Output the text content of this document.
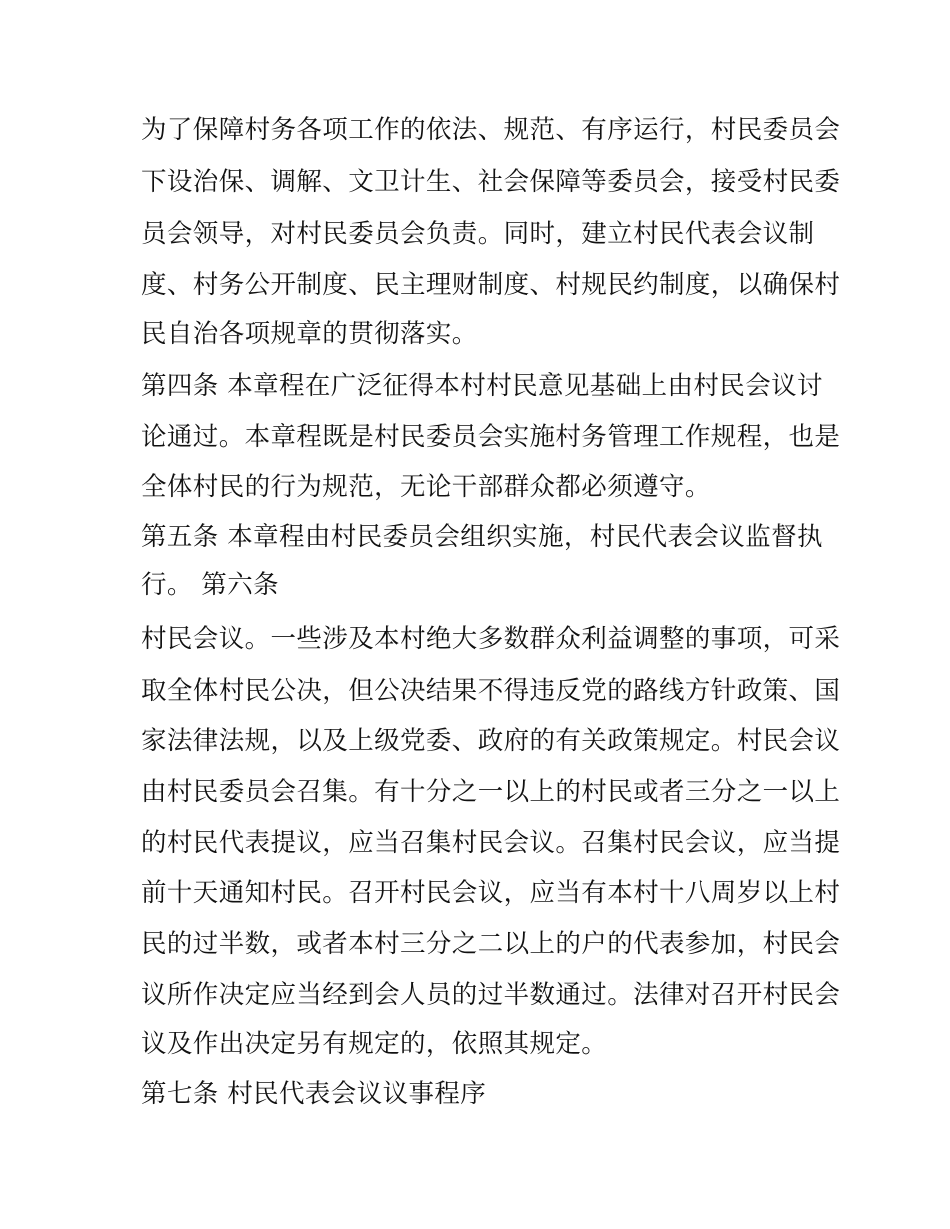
为了保障村务各项工作的依法、规范、有序运行，村民委员会
下设治保、调解、文卫计生、社会保障等委员会，接受村民委
员会领导，对村民委员会负责。同时，建立村民代表会议制
度、村务公开制度、民主理财制度、村规民约制度，以确保村
民自治各项规章的贯彻落实。
第四条 本章程在广泛征得本村村民意见基础上由村民会议讨
论通过。本章程既是村民委员会实施村务管理工作规程，也是
全体村民的行为规范，无论干部群众都必须遵守。
第五条 本章程由村民委员会组织实施，村民代表会议监督执
行。 第六条
村民会议。一些涉及本村绝大多数群众利益调整的事项，可采
取全体村民公决，但公决结果不得违反党的路线方针政策、国
家法律法规，以及上级党委、政府的有关政策规定。村民会议
由村民委员会召集。有十分之一以上的村民或者三分之一以上
的村民代表提议，应当召集村民会议。召集村民会议，应当提
前十天通知村民。召开村民会议，应当有本村十八周岁以上村
民的过半数，或者本村三分之二以上的户的代表参加，村民会
议所作决定应当经到会人员的过半数通过。法律对召开村民会
议及作出决定另有规定的，依照其规定。
第七条 村民代表会议议事程序
